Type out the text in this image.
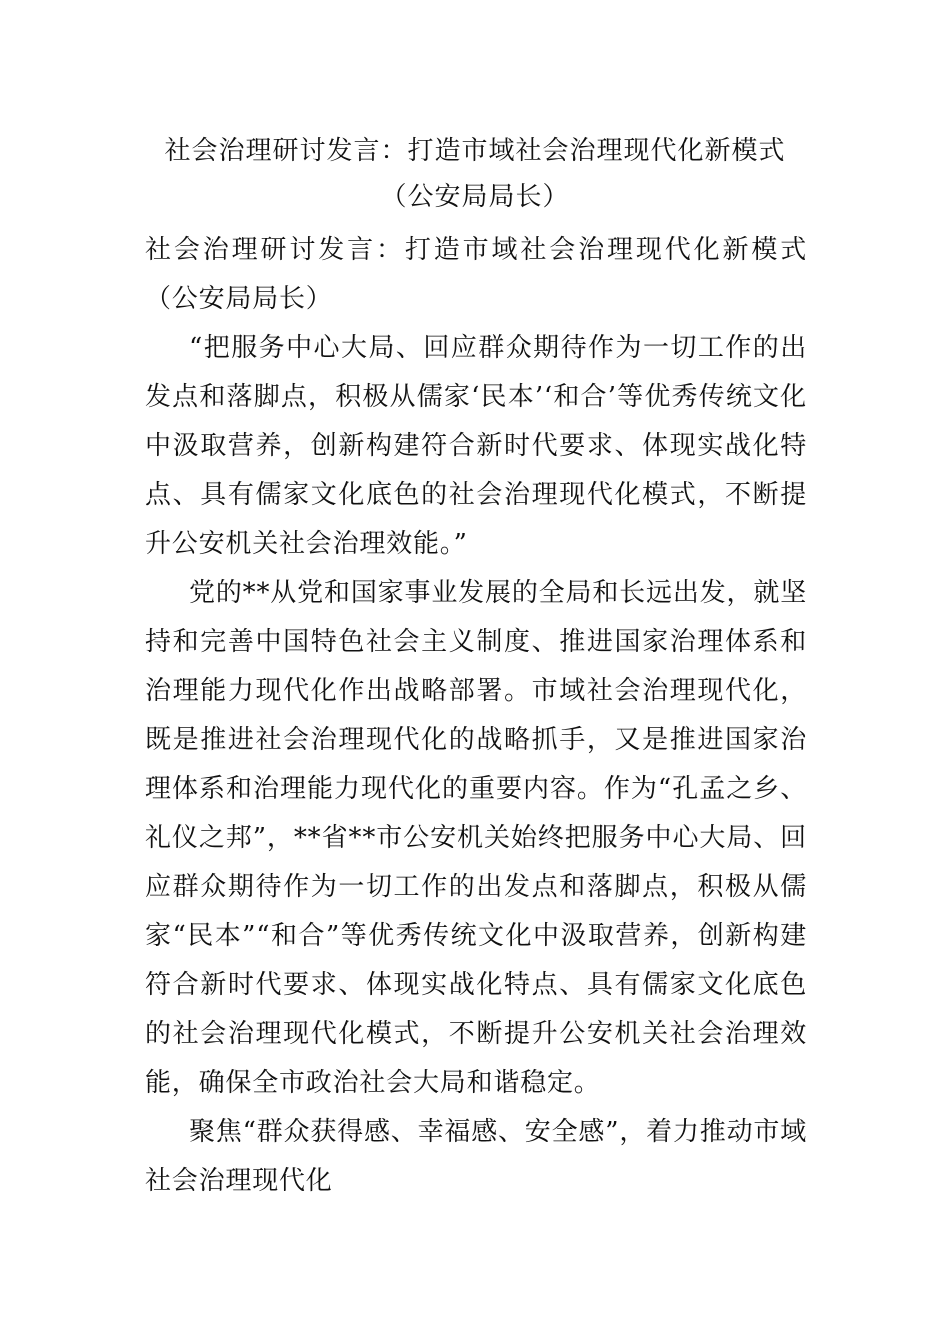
社会治理研讨发言：打造市域社会治理现代化新模式（公安局局长）

社会治理研讨发言：打造市域社会治理现代化新模式（公安局局长）

“把服务中心大局、回应群众期待作为一切工作的出发点和落脚点，积极从儒家‘民本’‘和合’等优秀传统文化中汲取营养，创新构建符合新时代要求、体现实战化特点、具有儒家文化底色的社会治理现代化模式，不断提升公安机关社会治理效能。”

党的**从党和国家事业发展的全局和长远出发，就坚持和完善中国特色社会主义制度、推进国家治理体系和治理能力现代化作出战略部署。市域社会治理现代化，既是推进社会治理现代化的战略抓手，又是推进国家治理体系和治理能力现代化的重要内容。作为“孔孟之乡、礼仪之邦”，**省**市公安机关始终把服务中心大局、回应群众期待作为一切工作的出发点和落脚点，积极从儒家“民本”“和合”等优秀传统文化中汲取营养，创新构建符合新时代要求、体现实战化特点、具有儒家文化底色的社会治理现代化模式，不断提升公安机关社会治理效能，确保全市政治社会大局和谐稳定。

聚焦“群众获得感、幸福感、安全感”，着力推动市域社会治理现代化
